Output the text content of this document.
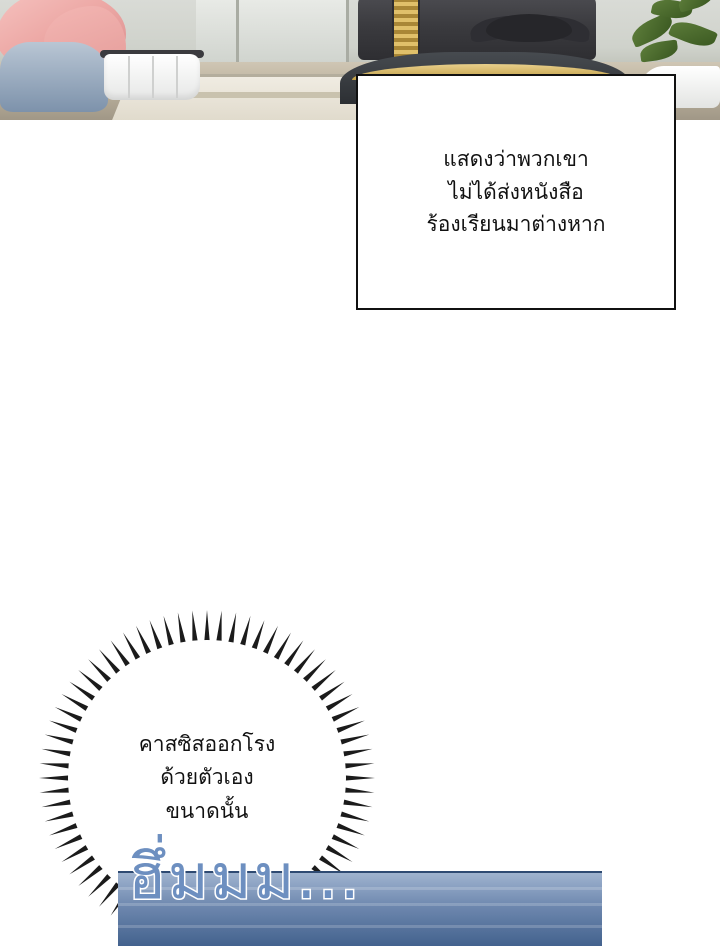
แสดงว่าพวกเขา
ไม่ได้ส่งหนังสือ
ร้องเรียนมาต่างหาก
คาสซิสออกโรง
ด้วยตัวเอง
ขนาดนั้น
ฮึ่มมม...
